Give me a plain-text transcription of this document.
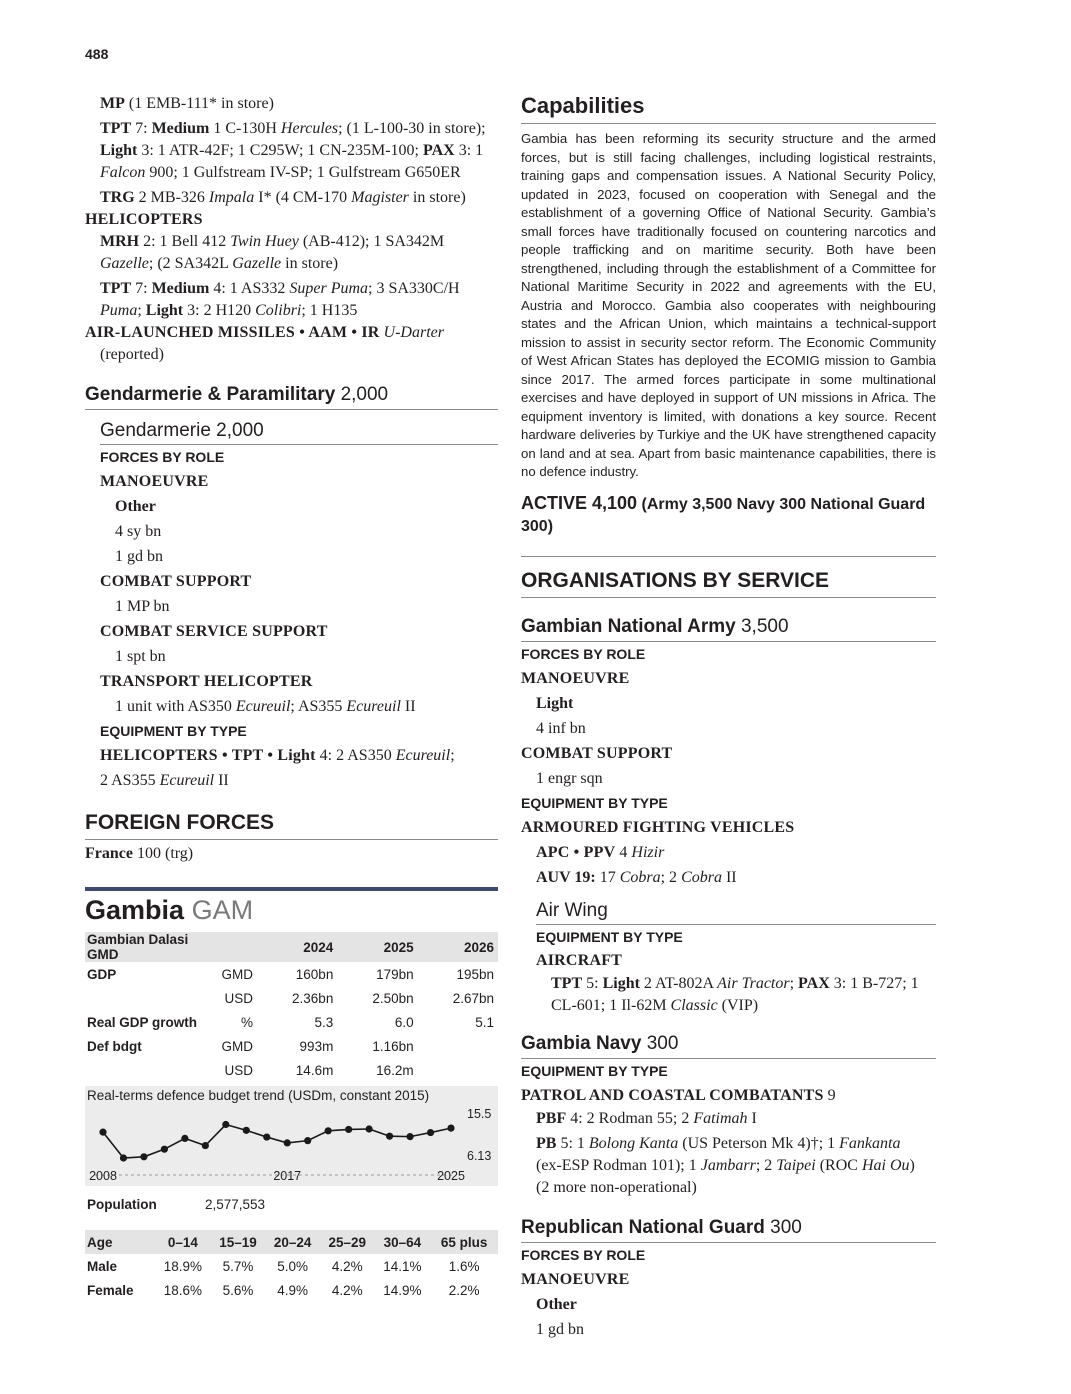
488
MP (1 EMB-111* in store)
TPT 7: Medium 1 C-130H Hercules; (1 L-100-30 in store); Light 3: 1 ATR-42F; 1 C295W; 1 CN-235M-100; PAX 3: 1 Falcon 900; 1 Gulfstream IV-SP; 1 Gulfstream G650ER
TRG 2 MB-326 Impala I* (4 CM-170 Magister in store)
HELICOPTERS
MRH 2: 1 Bell 412 Twin Huey (AB-412); 1 SA342M
Gazelle; (2 SA342L Gazelle in store)
TPT 7: Medium 4: 1 AS332 Super Puma; 3 SA330C/H
Puma; Light 3: 2 H120 Colibri; 1 H135
AIR-LAUNCHED MISSILES • AAM • IR U-Darter
(reported)
Gendarmerie & Paramilitary 2,000
Gendarmerie 2,000
FORCES BY ROLE
MANOEUVRE
Other
4 sy bn
1 gd bn
COMBAT SUPPORT
1 MP bn
COMBAT SERVICE SUPPORT
1 spt bn
TRANSPORT HELICOPTER
1 unit with AS350 Ecureuil; AS355 Ecureuil II
EQUIPMENT BY TYPE
HELICOPTERS • TPT • Light 4: 2 AS350 Ecureuil;
2 AS355 Ecureuil II
FOREIGN FORCES
France 100 (trg)
Gambia GAM
Gambian Dalasi GMD		2024	2025	2026
GDP	GMD	160bn	179bn	195bn
	USD	2.36bn	2.50bn	2.67bn
Real GDP growth	%	5.3	6.0	5.1
Def bdgt	GMD	993m	1.16bn	
	USD	14.6m	16.2m	
Real-terms defence budget trend (USDm, constant 2015)
15.5
6.13
2008	2017	2025
Population	2,577,553
Age	0–14	15–19	20–24	25–29	30–64	65 plus
Male	18.9%	5.7%	5.0%	4.2%	14.1%	1.6%
Female	18.6%	5.6%	4.9%	4.2%	14.9%	2.2%
Capabilities
Gambia has been reforming its security structure and the armed forces, but is still facing challenges, including logistical restraints, training gaps and compensation issues. A National Security Policy, updated in 2023, focused on cooperation with Senegal and the establishment of a governing Office of National Security. Gambia’s small forces have traditionally focused on countering narcotics and people trafficking and on maritime security. Both have been strengthened, including through the establishment of a Committee for National Maritime Security in 2022 and agreements with the EU, Austria and Morocco. Gambia also cooperates with neighbouring states and the African Union, which maintains a technical-support mission to assist in security sector reform. The Economic Community of West African States has deployed the ECOMIG mission to Gambia since 2017. The armed forces participate in some multinational exercises and have deployed in support of UN missions in Africa. The equipment inventory is limited, with donations a key source. Recent hardware deliveries by Turkiye and the UK have strengthened capacity on land and at sea. Apart from basic maintenance capabilities, there is no defence industry.
ACTIVE 4,100 (Army 3,500 Navy 300 National Guard 300)
ORGANISATIONS BY SERVICE
Gambian National Army 3,500
FORCES BY ROLE
MANOEUVRE
Light
4 inf bn
COMBAT SUPPORT
1 engr sqn
EQUIPMENT BY TYPE
ARMOURED FIGHTING VEHICLES
APC • PPV 4 Hizir
AUV 19: 17 Cobra; 2 Cobra II
Air Wing
EQUIPMENT BY TYPE
AIRCRAFT
TPT 5: Light 2 AT-802A Air Tractor; PAX 3: 1 B-727; 1
CL-601; 1 Il-62M Classic (VIP)
Gambia Navy 300
EQUIPMENT BY TYPE
PATROL AND COASTAL COMBATANTS 9
PBF 4: 2 Rodman 55; 2 Fatimah I
PB 5: 1 Bolong Kanta (US Peterson Mk 4)†; 1 Fankanta
(ex-ESP Rodman 101); 1 Jambarr; 2 Taipei (ROC Hai Ou)
(2 more non-operational)
Republican National Guard 300
FORCES BY ROLE
MANOEUVRE
Other
1 gd bn
